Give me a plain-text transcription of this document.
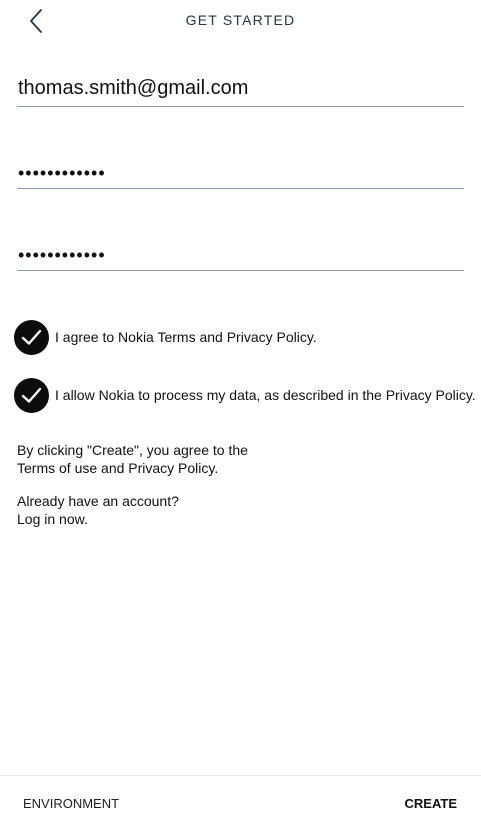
GET STARTED
thomas.smith@gmail.com
••••••••••••
••••••••••••
I agree to Nokia Terms and Privacy Policy.
I allow Nokia to process my data, as described in the Privacy Policy.
By clicking "Create", you agree to the
Terms of use and Privacy Policy.
Already have an account?
Log in now.
ENVIRONMENT	CREATE
